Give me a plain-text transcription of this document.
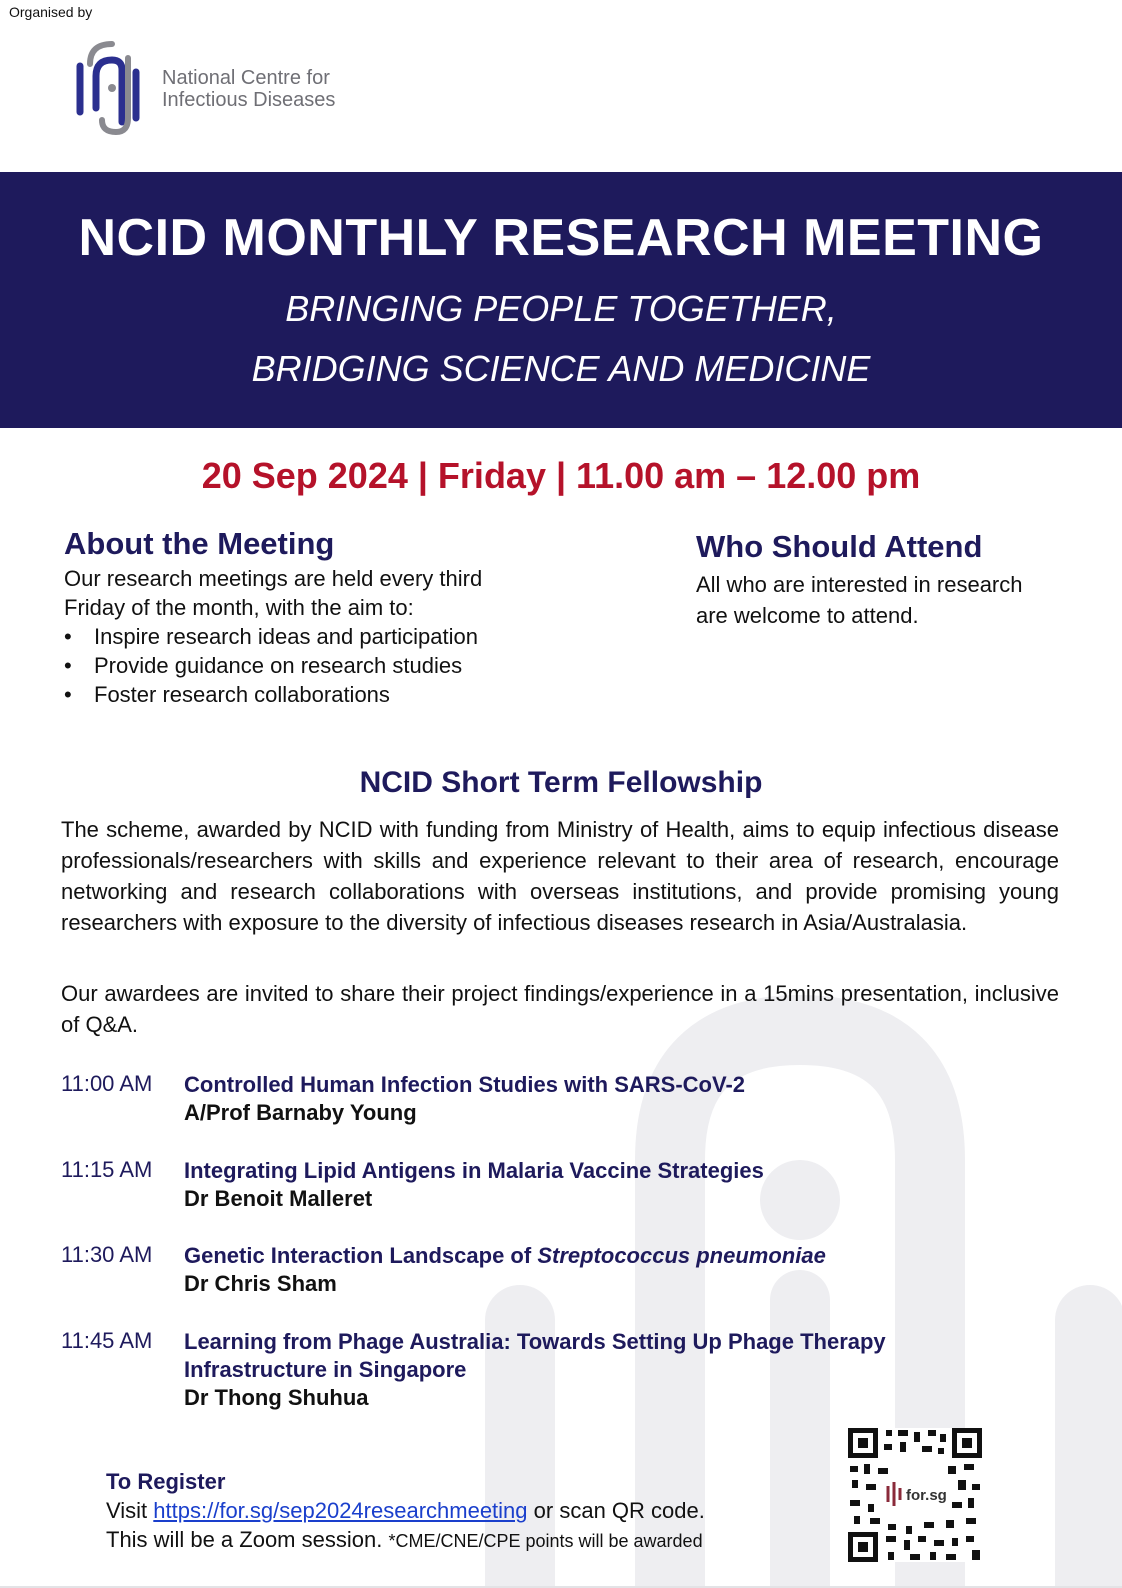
Organised by
National Centre for
Infectious Diseases
NCID MONTHLY RESEARCH MEETING
BRINGING PEOPLE TOGETHER,
BRIDGING SCIENCE AND MEDICINE
20 Sep 2024 | Friday | 11.00 am – 12.00 pm
About the Meeting
Our research meetings are held every third
Friday of the month, with the aim to:
• Inspire research ideas and participation
• Provide guidance on research studies
• Foster research collaborations
Who Should Attend
All who are interested in research
are welcome to attend.
NCID Short Term Fellowship
The scheme, awarded by NCID with funding from Ministry of Health, aims to equip infectious disease professionals/researchers with skills and experience relevant to their area of research, encourage networking and research collaborations with overseas institutions, and provide promising young researchers with exposure to the diversity of infectious diseases research in Asia/Australasia.
Our awardees are invited to share their project findings/experience in a 15mins presentation, inclusive of Q&A.
11:00 AM Controlled Human Infection Studies with SARS-CoV-2
A/Prof Barnaby Young
11:15 AM Integrating Lipid Antigens in Malaria Vaccine Strategies
Dr Benoit Malleret
11:30 AM Genetic Interaction Landscape of Streptococcus pneumoniae
Dr Chris Sham
11:45 AM Learning from Phage Australia: Towards Setting Up Phage Therapy
Infrastructure in Singapore
Dr Thong Shuhua
To Register
Visit https://for.sg/sep2024researchmeeting or scan QR code.
This will be a Zoom session. *CME/CNE/CPE points will be awarded
for.sg
